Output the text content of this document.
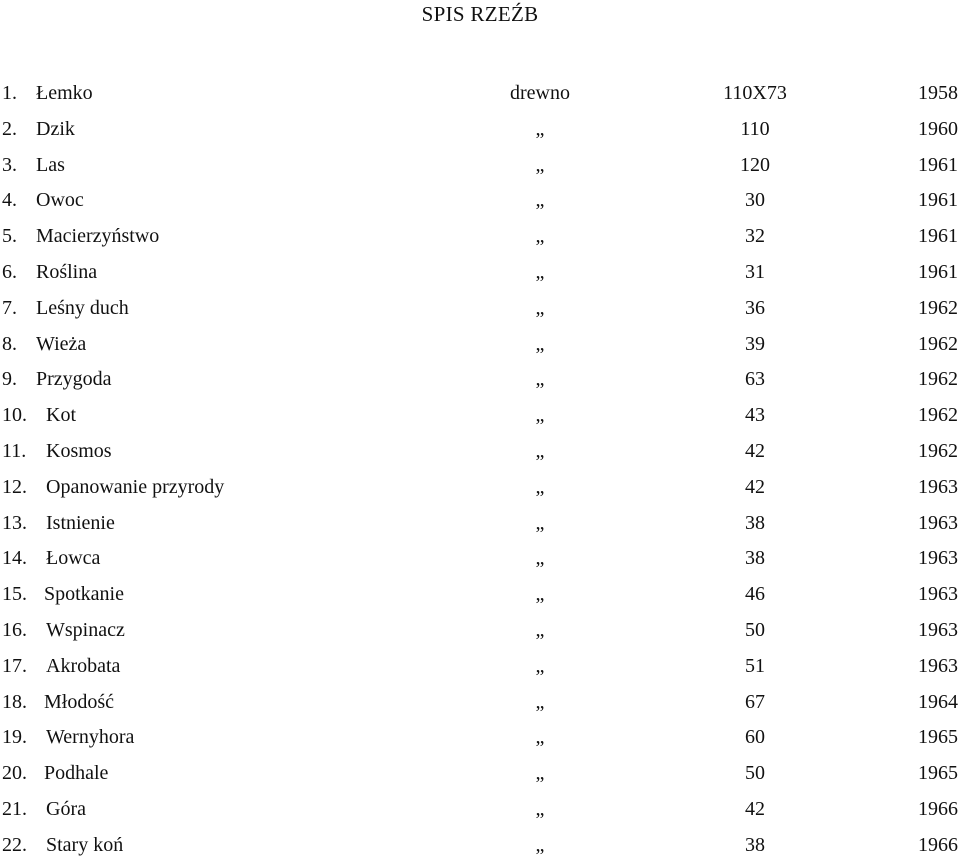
SPIS RZEŹB
1. Łemko	drewno	110X73	1958
2. Dzik	„	110	1960
3. Las	„	120	1961
4. Owoc	„	30	1961
5. Macierzyństwo	„	32	1961
6. Roślina	„	31	1961
7. Leśny duch	„	36	1962
8. Wieża	„	39	1962
9. Przygoda	„	63	1962
10. Kot	„	43	1962
11. Kosmos	„	42	1962
12. Opanowanie przyrody	„	42	1963
13. Istnienie	„	38	1963
14. Łowca	„	38	1963
15. Spotkanie	„	46	1963
16. Wspinacz	„	50	1963
17. Akrobata	„	51	1963
18. Młodość	„	67	1964
19. Wernyhora	„	60	1965
20. Podhale	„	50	1965
21. Góra	„	42	1966
22. Stary koń	„	38	1966
